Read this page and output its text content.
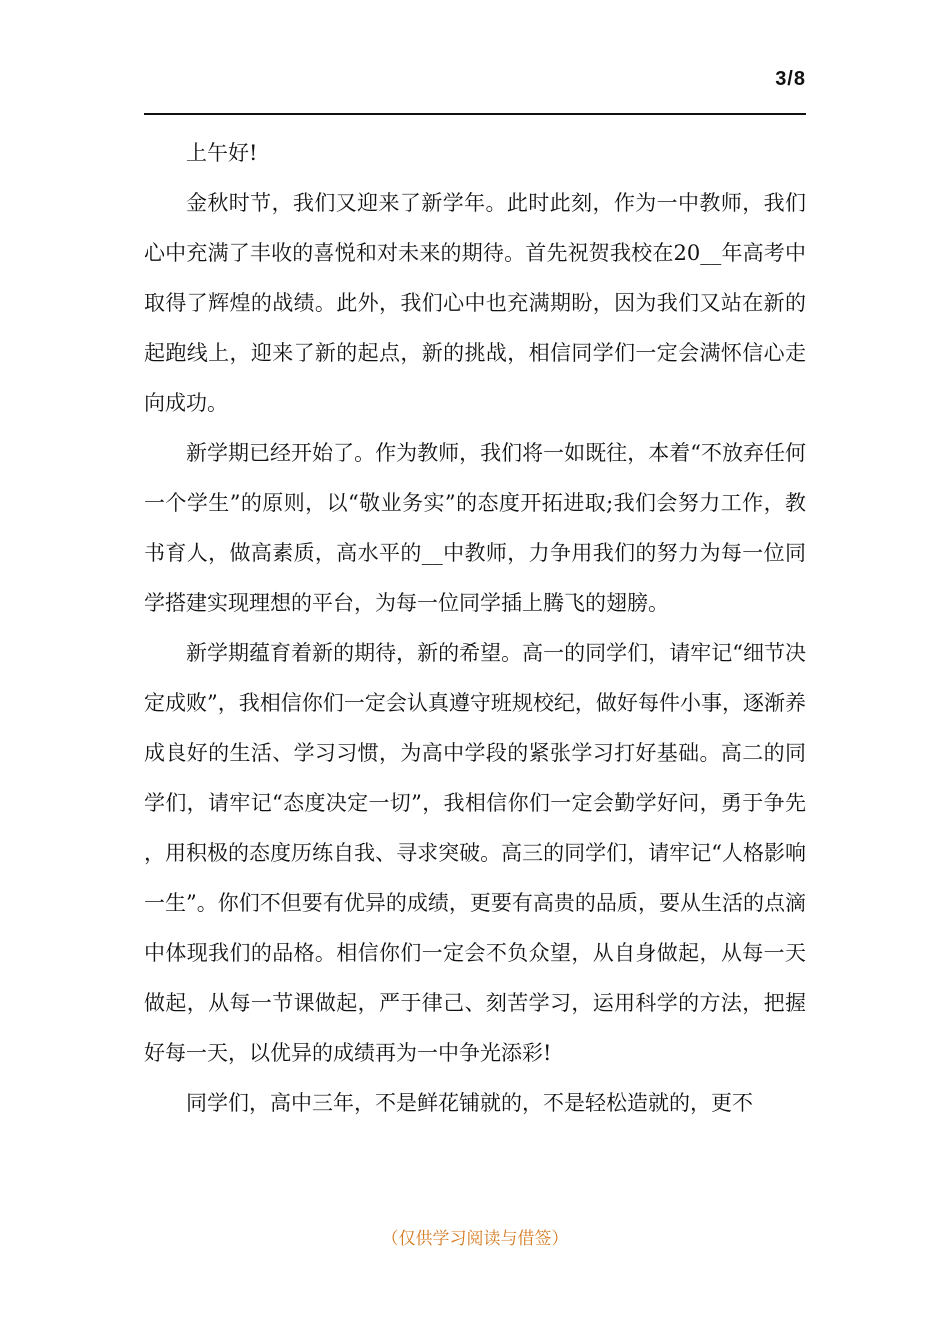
3/8

上午好!

金秋时节，我们又迎来了新学年。此时此刻，作为一中教师，我们心中充满了丰收的喜悦和对未来的期待。首先祝贺我校在20__年高考中取得了辉煌的战绩。此外，我们心中也充满期盼，因为我们又站在新的起跑线上，迎来了新的起点，新的挑战，相信同学们一定会满怀信心走向成功。

新学期已经开始了。作为教师，我们将一如既往，本着“不放弃任何一个学生”的原则，以“敬业务实”的态度开拓进取;我们会努力工作，教书育人，做高素质，高水平的__中教师，力争用我们的努力为每一位同学搭建实现理想的平台，为每一位同学插上腾飞的翅膀。

新学期蕴育着新的期待，新的希望。高一的同学们，请牢记“细节决定成败”，我相信你们一定会认真遵守班规校纪，做好每件小事，逐渐养成良好的生活、学习习惯，为高中学段的紧张学习打好基础。高二的同学们，请牢记“态度决定一切”，我相信你们一定会勤学好问，勇于争先，用积极的态度历练自我、寻求突破。高三的同学们，请牢记“人格影响一生”。你们不但要有优异的成绩，更要有高贵的品质，要从生活的点滴中体现我们的品格。相信你们一定会不负众望，从自身做起，从每一天做起，从每一节课做起，严于律己、刻苦学习，运用科学的方法，把握好每一天，以优异的成绩再为一中争光添彩!

同学们，高中三年，不是鲜花铺就的，不是轻松造就的，更不

（仅供学习阅读与借签）
